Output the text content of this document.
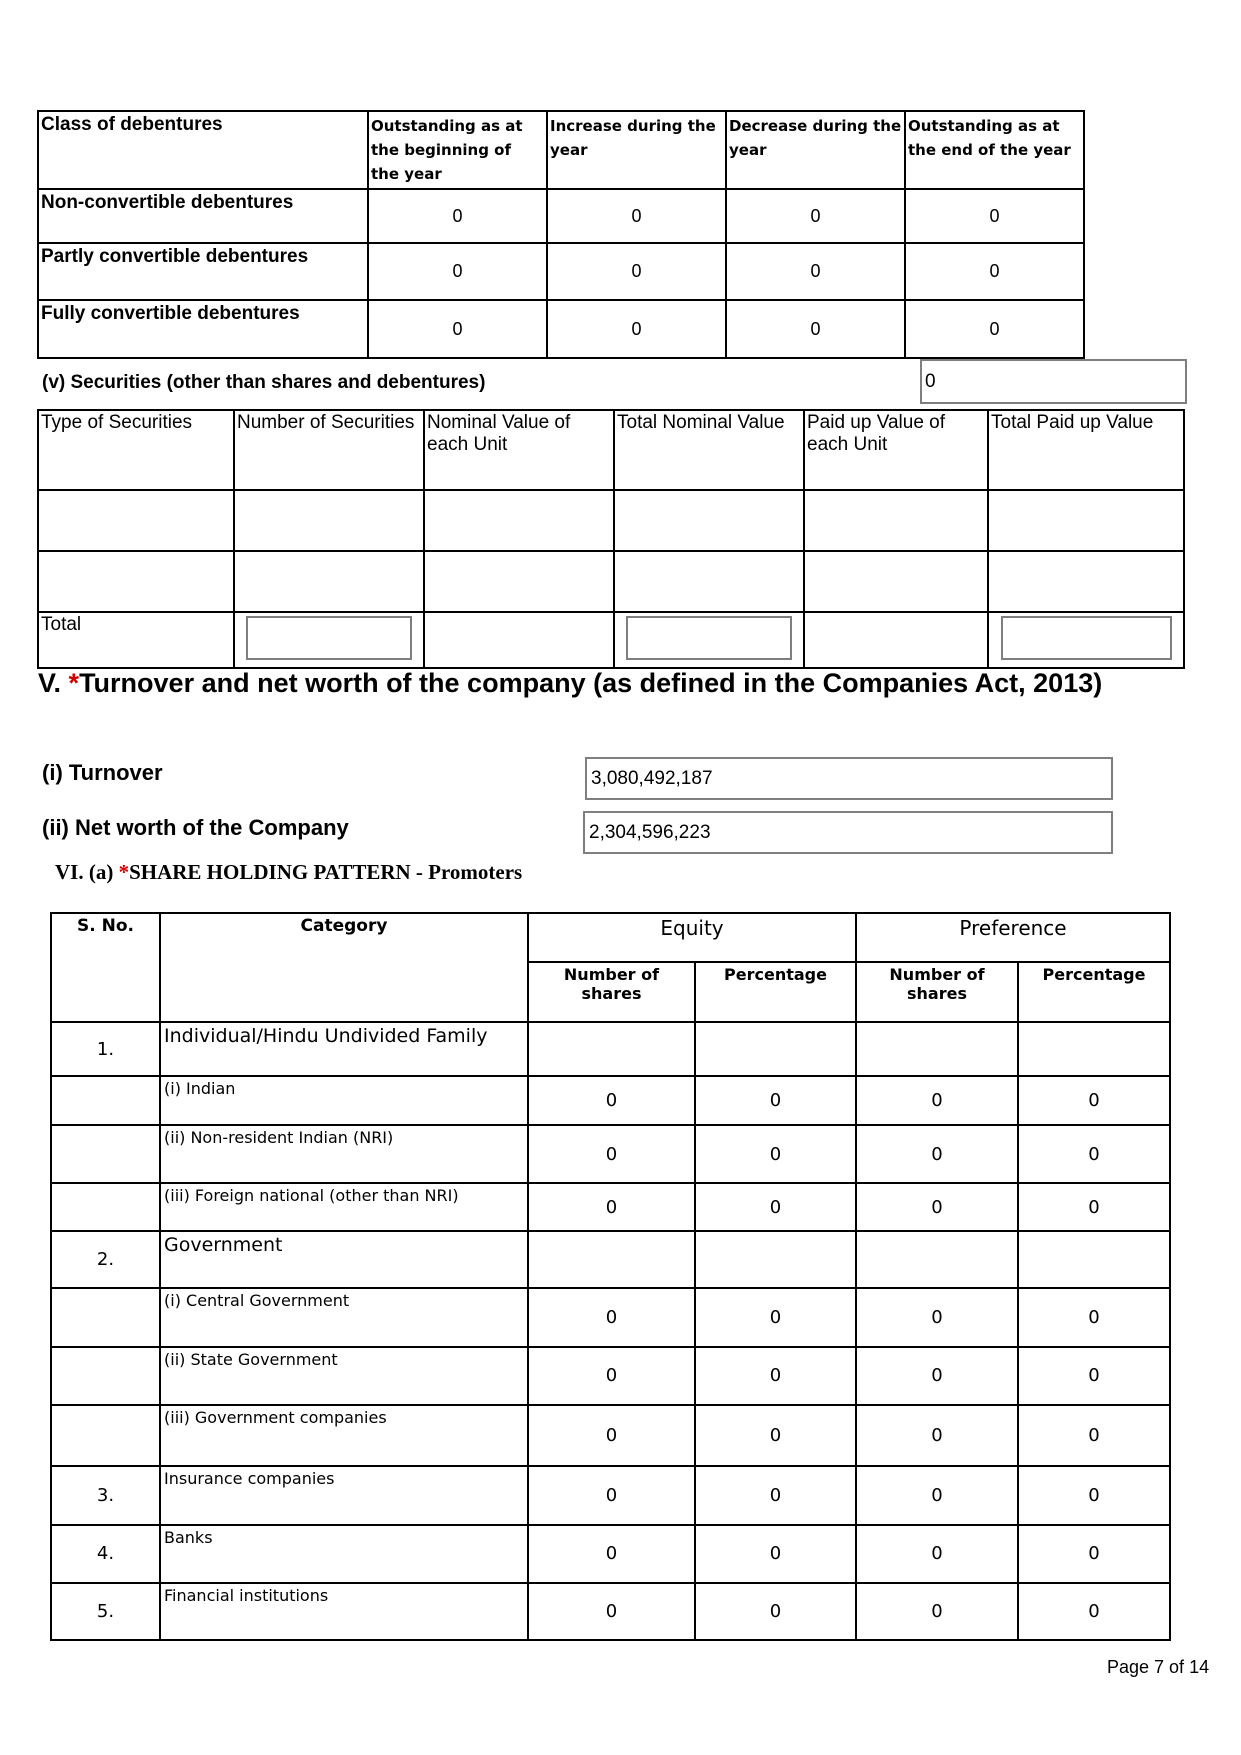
Class of debentures	Outstanding as at the beginning of the year	Increase during the year	Decrease during the year	Outstanding as at the end of the year
Non-convertible debentures	0	0	0	0
Partly convertible debentures	0	0	0	0
Fully convertible debentures	0	0	0	0
(v) Securities (other than shares and debentures)	0
Type of Securities	Number of Securities	Nominal Value of each Unit	Total Nominal Value	Paid up Value of each Unit	Total Paid up Value

Total	

V. *Turnover and net worth of the company (as defined in the Companies Act, 2013)
(i) Turnover	3,080,492,187
(ii) Net worth of the Company	2,304,596,223
VI. (a) *SHARE HOLDING PATTERN - Promoters
S. No.	Category	Equity		Preference	
		Number of shares	Percentage	Number of shares	Percentage
1.	Individual/Hindu Undivided Family				
	(i) Indian	0	0	0	0
	(ii) Non-resident Indian (NRI)	0	0	0	0
	(iii) Foreign national (other than NRI)	0	0	0	0
2.	Government				
	(i) Central Government	0	0	0	0
	(ii) State Government	0	0	0	0
	(iii) Government companies	0	0	0	0
3.	Insurance companies	0	0	0	0
4.	Banks	0	0	0	0
5.	Financial institutions	0	0	0	0
Page 7 of 14
